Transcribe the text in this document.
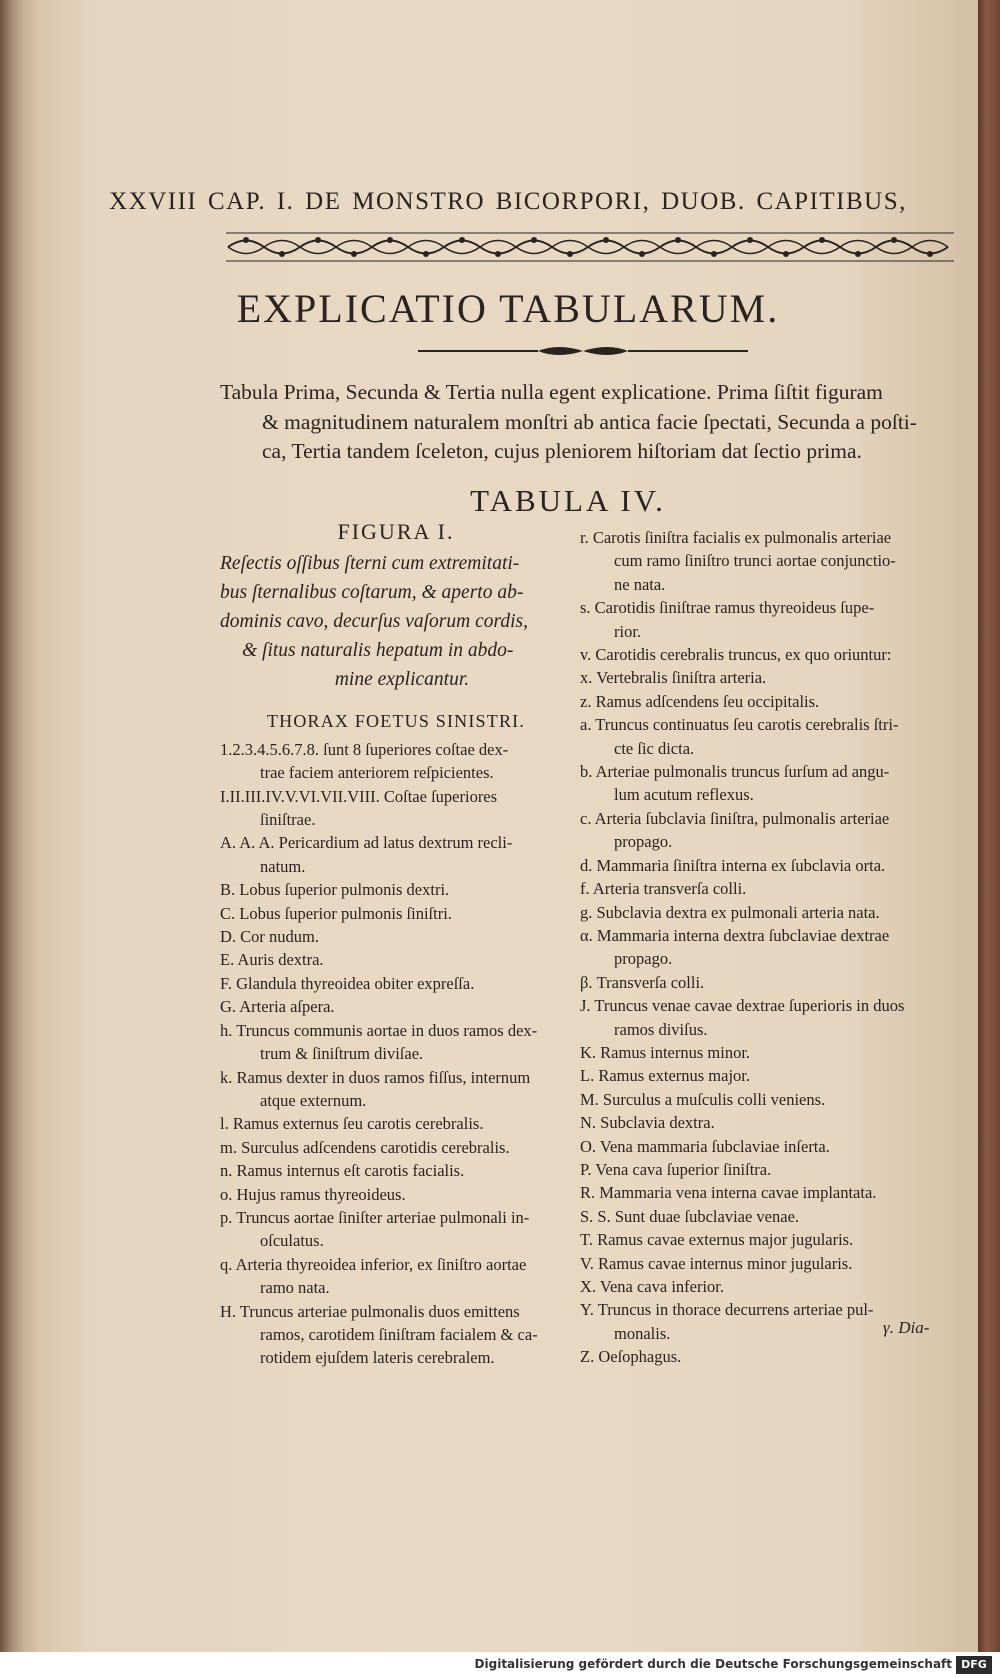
XXVIII CAP. I. DE MONSTRO BICORPORI, DUOB. CAPITIBUS,
EXPLICATIO TABULARUM.

Tabula Prima, Secunda & Tertia nulla egent explicatione. Prima ſiſtit figuram

& magnitudinem naturalem monſtri ab antica facie ſpectati, Secunda a poſti-

ca, Tertia tandem ſceleton, cujus pleniorem hiſtoriam dat ſectio prima.

TABULA IV.
FIGURA I.
Reſectis oſſibus ſterni cum extremitati-
bus ſternalibus coſtarum, & aperto ab-
dominis cavo, decurſus vaſorum cordis,
& ſitus naturalis hepatum in abdo-
mine explicantur.
THORAX FOETUS SINISTRI.
1.2.3.4.5.6.7.8. ſunt 8 ſuperiores coſtae dex-
trae faciem anteriorem reſpicientes.
I.II.III.IV.V.VI.VII.VIII. Coſtae ſuperiores
ſiniſtrae.
A. A. A. Pericardium ad latus dextrum recli-
natum.
B. Lobus ſuperior pulmonis dextri.
C. Lobus ſuperior pulmonis ſiniſtri.
D. Cor nudum.
E. Auris dextra.
F. Glandula thyreoidea obiter expreſſa.
G. Arteria aſpera.
h. Truncus communis aortae in duos ramos dex-
trum & ſiniſtrum diviſae.
k. Ramus dexter in duos ramos fiſſus, internum
atque externum.
l. Ramus externus ſeu carotis cerebralis.
m. Surculus adſcendens carotidis cerebralis.
n. Ramus internus eſt carotis facialis.
o. Hujus ramus thyreoideus.
p. Truncus aortae ſiniſter arteriae pulmonali in-
oſculatus.
q. Arteria thyreoidea inferior, ex ſiniſtro aortae
ramo nata.
H. Truncus arteriae pulmonalis duos emittens
ramos, carotidem ſiniſtram facialem & ca-
rotidem ejuſdem lateris cerebralem.
r. Carotis ſiniſtra facialis ex pulmonalis arteriae
cum ramo ſiniſtro trunci aortae conjunctio-
ne nata.
s. Carotidis ſiniſtrae ramus thyreoideus ſupe-
rior.
v. Carotidis cerebralis truncus, ex quo oriuntur:
x. Vertebralis ſiniſtra arteria.
z. Ramus adſcendens ſeu occipitalis.
a. Truncus continuatus ſeu carotis cerebralis ſtri-
cte ſic dicta.
b. Arteriae pulmonalis truncus ſurſum ad angu-
lum acutum reflexus.
c. Arteria ſubclavia ſiniſtra, pulmonalis arteriae
propago.
d. Mammaria ſiniſtra interna ex ſubclavia orta.
f. Arteria transverſa colli.
g. Subclavia dextra ex pulmonali arteria nata.
α. Mammaria interna dextra ſubclaviae dextrae
propago.
β. Transverſa colli.
J. Truncus venae cavae dextrae ſuperioris in duos
ramos diviſus.
K. Ramus internus minor.
L. Ramus externus major.
M. Surculus a muſculis colli veniens.
N. Subclavia dextra.
O. Vena mammaria ſubclaviae inſerta.
P. Vena cava ſuperior ſiniſtra.
R. Mammaria vena interna cavae implantata.
S. S. Sunt duae ſubclaviae venae.
T. Ramus cavae externus major jugularis.
V. Ramus cavae internus minor jugularis.
X. Vena cava inferior.
Y. Truncus in thorace decurrens arteriae pul-
monalis.
Z. Oeſophagus.
γ. Dia-
Digitalisierung gefördert durch die Deutsche Forschungsgemeinschaft DFG
